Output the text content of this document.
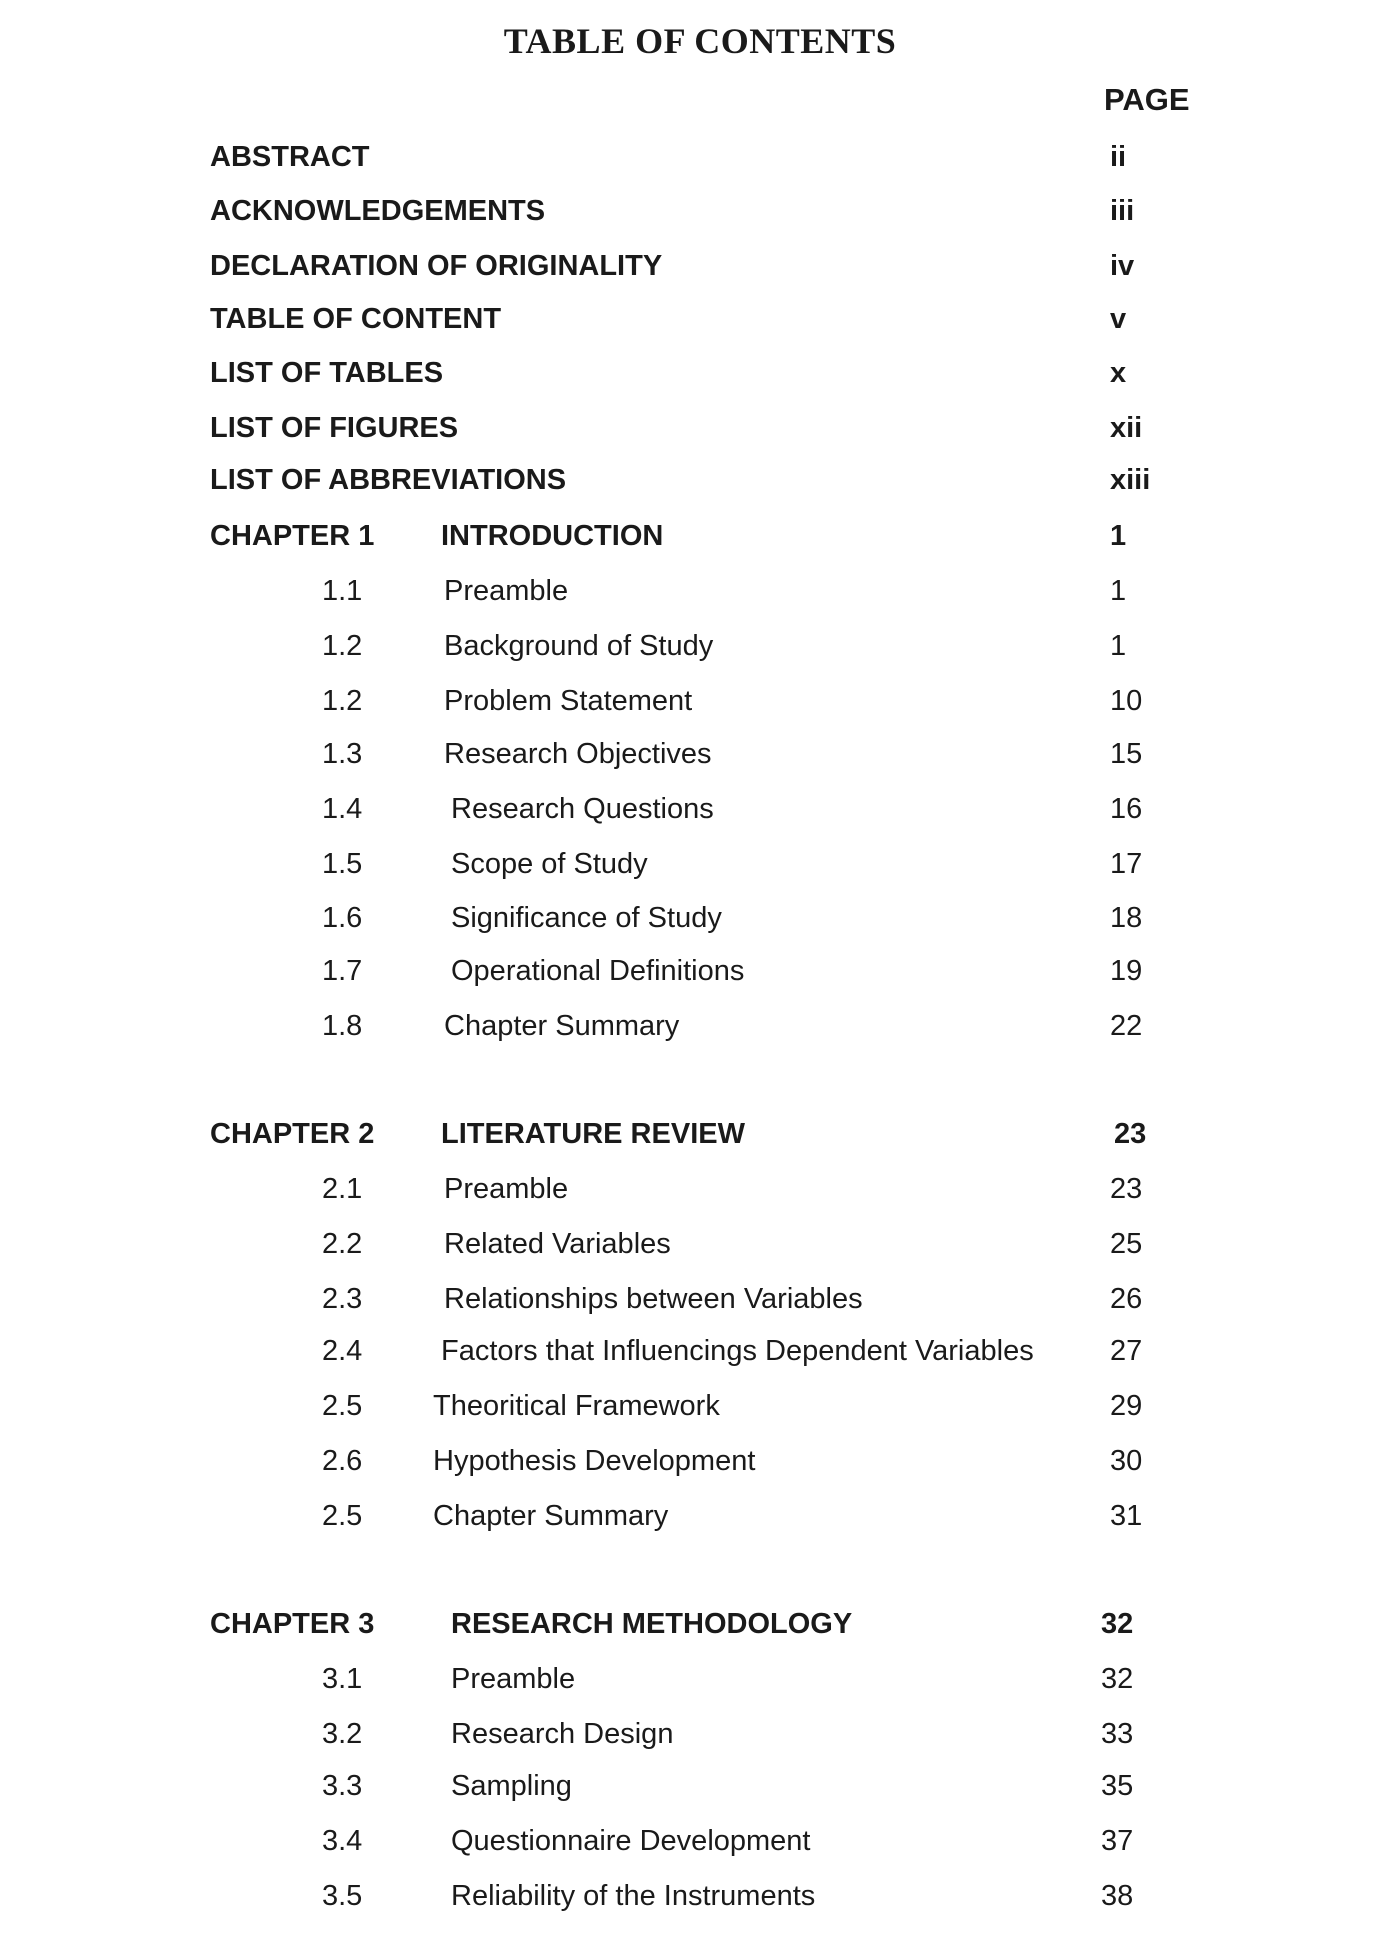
TABLE OF CONTENTS
PAGE
ABSTRACT	ii
ACKNOWLEDGEMENTS	iii
DECLARATION OF ORIGINALITY	iv
TABLE OF CONTENT	v
LIST OF TABLES	x
LIST OF FIGURES	xii
LIST OF ABBREVIATIONS	xiii
CHAPTER 1 INTRODUCTION	1
1.1	Preamble	1
1.2	Background of Study	1
1.2	Problem Statement	10
1.3	Research Objectives	15
1.4	Research Questions	16
1.5	Scope of Study	17
1.6	Significance of Study	18
1.7	Operational Definitions	19
1.8	Chapter Summary	22
CHAPTER 2 LITERATURE REVIEW	23
2.1	Preamble	23
2.2	Related Variables	25
2.3	Relationships between Variables	26
2.4	Factors that Influencings Dependent Variables	27
2.5 Theoritical Framework	29
2.6 Hypothesis Development	30
2.5 Chapter Summary	31
CHAPTER 3	RESEARCH METHODOLOGY	32
3.1	Preamble	32
3.2	Research Design	33
3.3	Sampling	35
3.4	Questionnaire Development	37
3.5	Reliability of the Instruments	38
